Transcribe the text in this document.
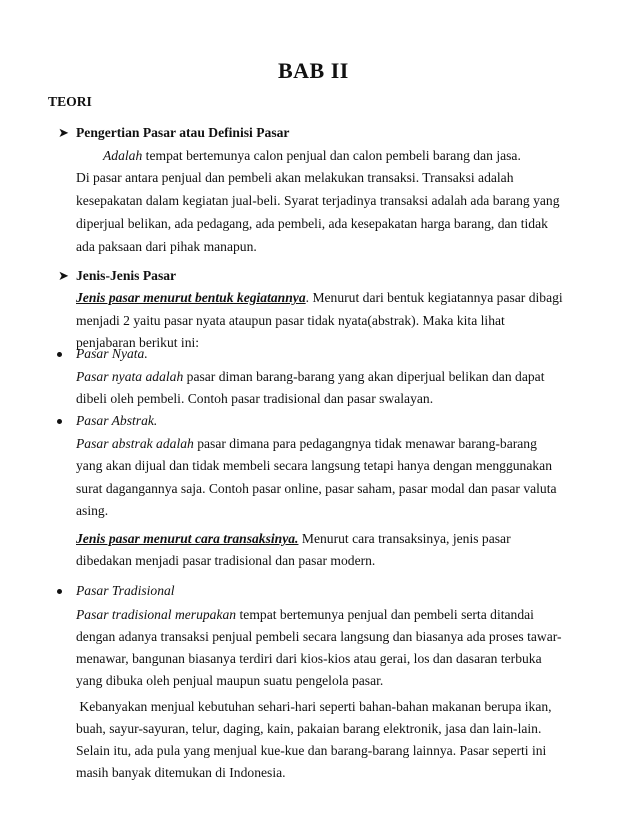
BAB II
TEORI
➤ Pengertian Pasar atau Definisi Pasar
Adalah tempat bertemunya calon penjual dan calon pembeli barang dan jasa.
Di pasar antara penjual dan pembeli akan melakukan transaksi. Transaksi adalah
kesepakatan dalam kegiatan jual-beli. Syarat terjadinya transaksi adalah ada barang yang
diperjual belikan, ada pedagang, ada pembeli, ada kesepakatan harga barang, dan tidak
ada paksaan dari pihak manapun.
➤ Jenis-Jenis Pasar
Jenis pasar menurut bentuk kegiatannya. Menurut dari bentuk kegiatannya pasar dibagi
menjadi 2 yaitu pasar nyata ataupun pasar tidak nyata(abstrak). Maka kita lihat
penjabaran berikut ini:
Pasar Nyata.
Pasar nyata adalah pasar diman barang-barang yang akan diperjual belikan dan dapat
dibeli oleh pembeli. Contoh pasar tradisional dan pasar swalayan.
Pasar Abstrak.
Pasar abstrak adalah pasar dimana para pedagangnya tidak menawar barang-barang
yang akan dijual dan tidak membeli secara langsung tetapi hanya dengan menggunakan
surat dagangannya saja. Contoh pasar online, pasar saham, pasar modal dan pasar valuta
asing.
Jenis pasar menurut cara transaksinya. Menurut cara transaksinya, jenis pasar
dibedakan menjadi pasar tradisional dan pasar modern.
Pasar Tradisional
Pasar tradisional merupakan tempat bertemunya penjual dan pembeli serta ditandai
dengan adanya transaksi penjual pembeli secara langsung dan biasanya ada proses tawar-
menawar, bangunan biasanya terdiri dari kios-kios atau gerai, los dan dasaran terbuka
yang dibuka oleh penjual maupun suatu pengelola pasar.
Kebanyakan menjual kebutuhan sehari-hari seperti bahan-bahan makanan berupa ikan,
buah, sayur-sayuran, telur, daging, kain, pakaian barang elektronik, jasa dan lain-lain.
Selain itu, ada pula yang menjual kue-kue dan barang-barang lainnya. Pasar seperti ini
masih banyak ditemukan di Indonesia.
